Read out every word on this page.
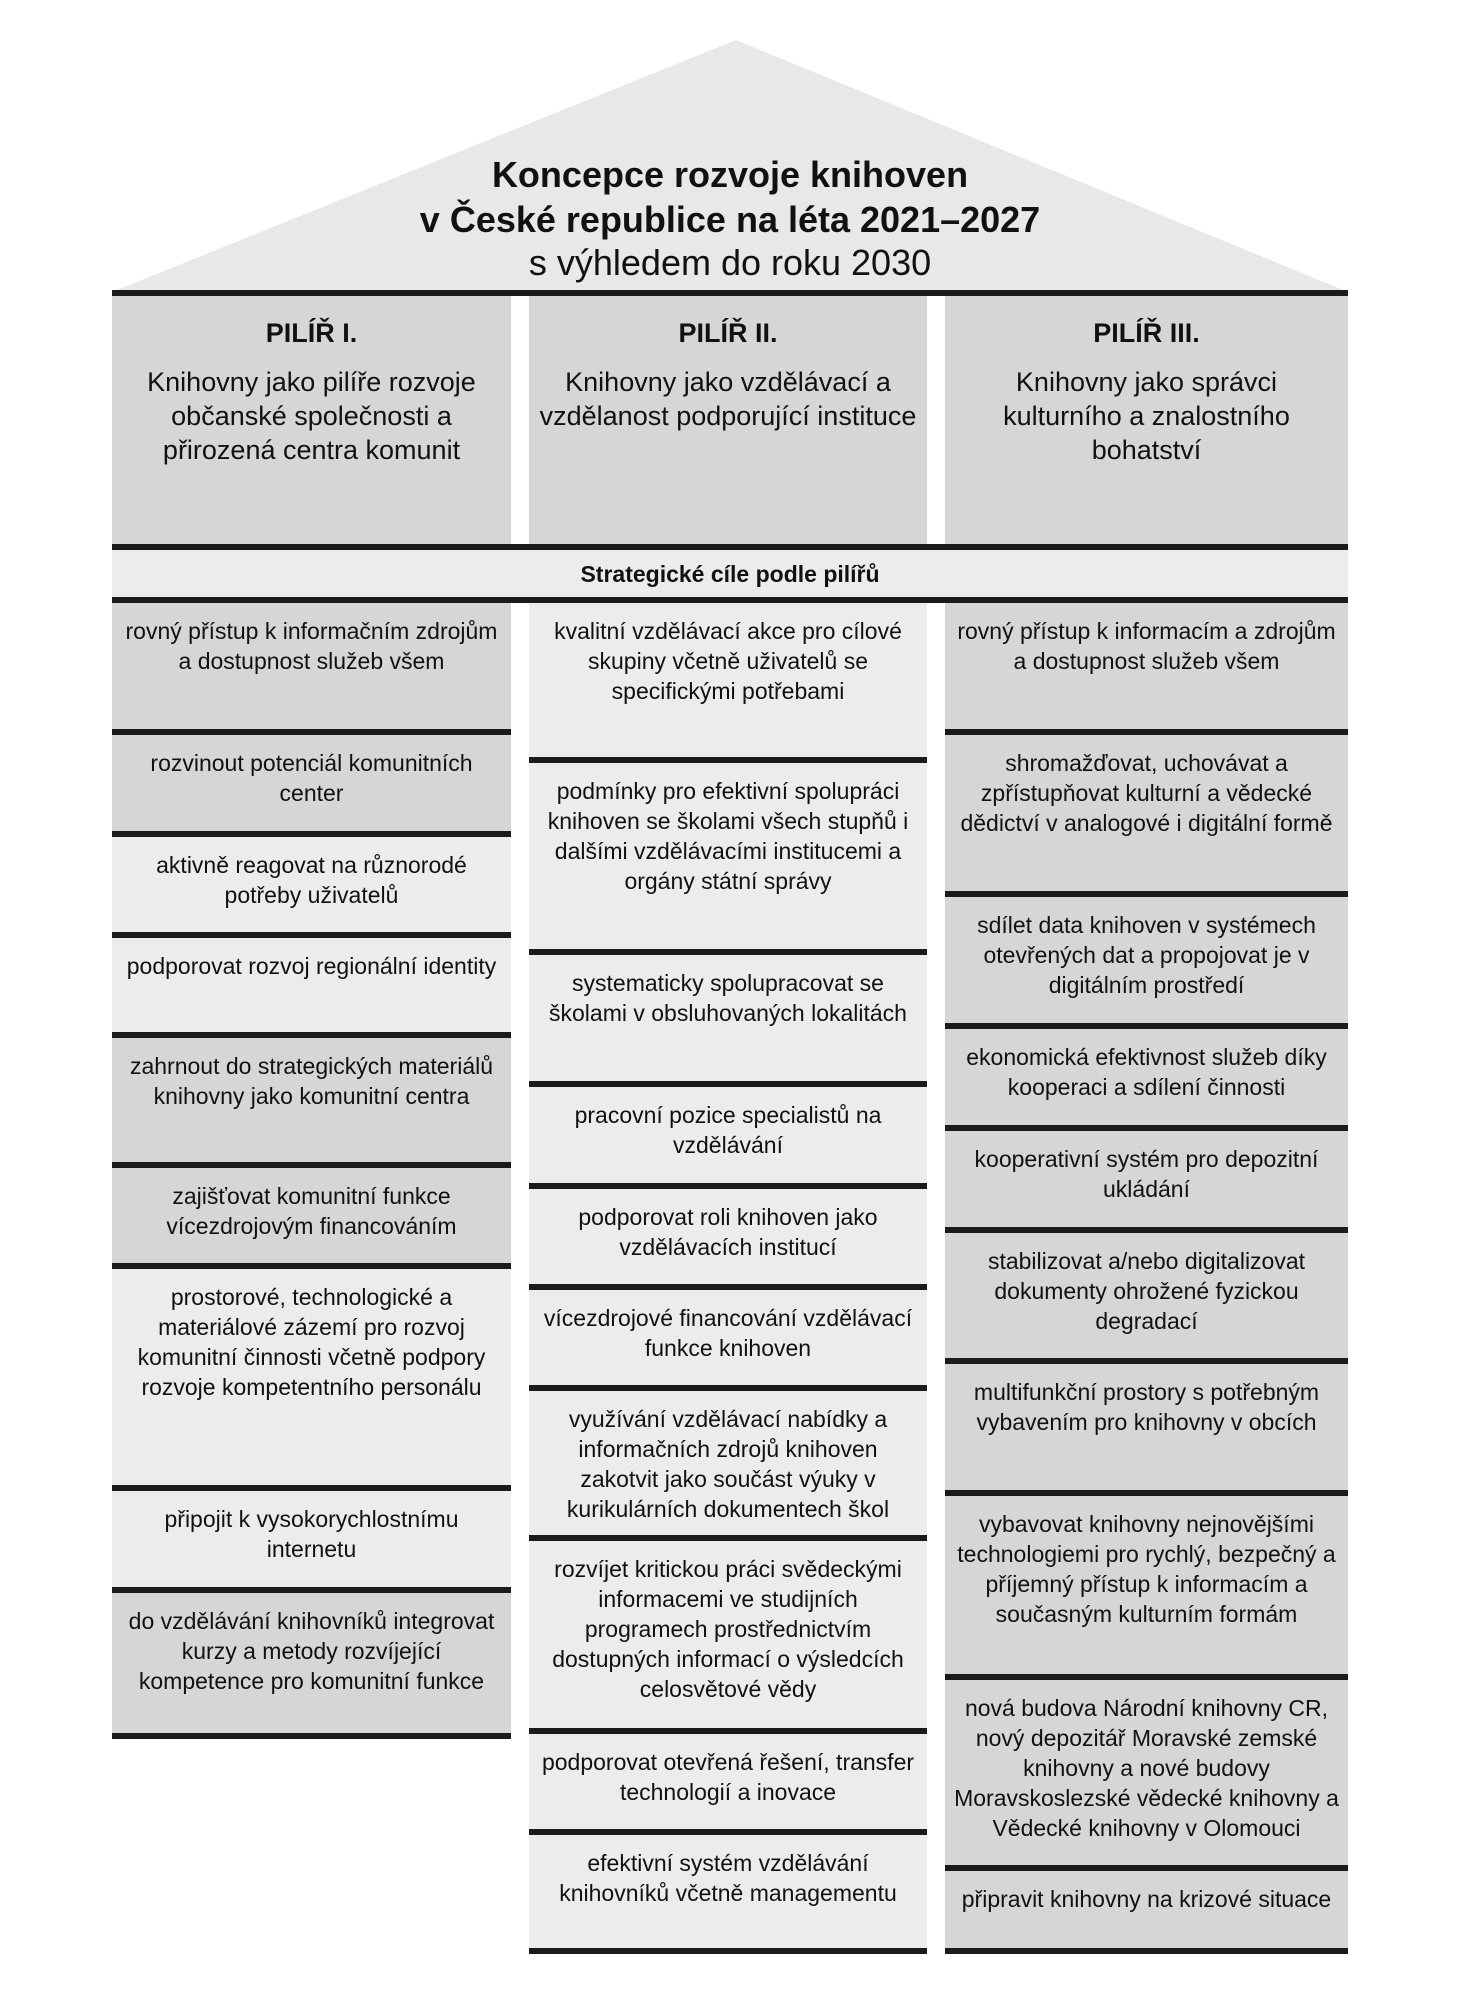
Koncepce rozvoje knihoven
v České republice na léta 2021–2027
s výhledem do roku 2030
PILÍŘ I.
Knihovny jako pilíře rozvoje občanské společnosti a přirozená centra komunit
PILÍŘ II.
Knihovny jako vzdělávací a vzdělanost podporující instituce
PILÍŘ III.
Knihovny jako správci kulturního a znalostního bohatství
Strategické cíle podle pilířů
rovný přístup k informačním zdrojům a dostupnost služeb všem
rozvinout potenciál komunitních center
aktivně reagovat na různorodé potřeby uživatelů
podporovat rozvoj regionální identity
zahrnout do strategických materiálů knihovny jako komunitní centra
zajišťovat komunitní funkce vícezdrojovým financováním
prostorové, technologické a materiálové zázemí pro rozvoj komunitní činnosti včetně podpory rozvoje kompetentního personálu
připojit k vysokorychlostnímu internetu
do vzdělávání knihovníků integrovat kurzy a metody rozvíjející kompetence pro komunitní funkce
kvalitní vzdělávací akce pro cílové skupiny včetně uživatelů se specifickými potřebami
podmínky pro efektivní spolupráci knihoven se školami všech stupňů i dalšími vzdělávacími institucemi a orgány státní správy
systematicky spolupracovat se školami v obsluhovaných lokalitách
pracovní pozice specialistů na vzdělávání
podporovat roli knihoven jako vzdělávacích institucí
vícezdrojové financování vzdělávací funkce knihoven
využívání vzdělávací nabídky a informačních zdrojů knihoven zakotvit jako součást výuky v kurikulárních dokumentech škol
rozvíjet kritickou práci svědeckými informacemi ve studijních programech prostřednictvím dostupných informací o výsledcích celosvětové vědy
podporovat otevřená řešení, transfer technologií a inovace
efektivní systém vzdělávání knihovníků včetně managementu
rovný přístup k informacím a zdrojům a dostupnost služeb všem
shromažďovat, uchovávat a zpřístupňovat kulturní a vědecké dědictví v analogové i digitální formě
sdílet data knihoven v systémech otevřených dat a propojovat je v digitálním prostředí
ekonomická efektivnost služeb díky kooperaci a sdílení činnosti
kooperativní systém pro depozitní ukládání
stabilizovat a/nebo digitalizovat dokumenty ohrožené fyzickou degradací
multifunkční prostory s potřebným vybavením pro knihovny v obcích
vybavovat knihovny nejnovějšími technologiemi pro rychlý, bezpečný a příjemný přístup k informacím a současným kulturním formám
nová budova Národní knihovny CR, nový depozitář Moravské zemské knihovny a nové budovy Moravskoslezské vědecké knihovny a Vědecké knihovny v Olomouci
připravit knihovny na krizové situace
